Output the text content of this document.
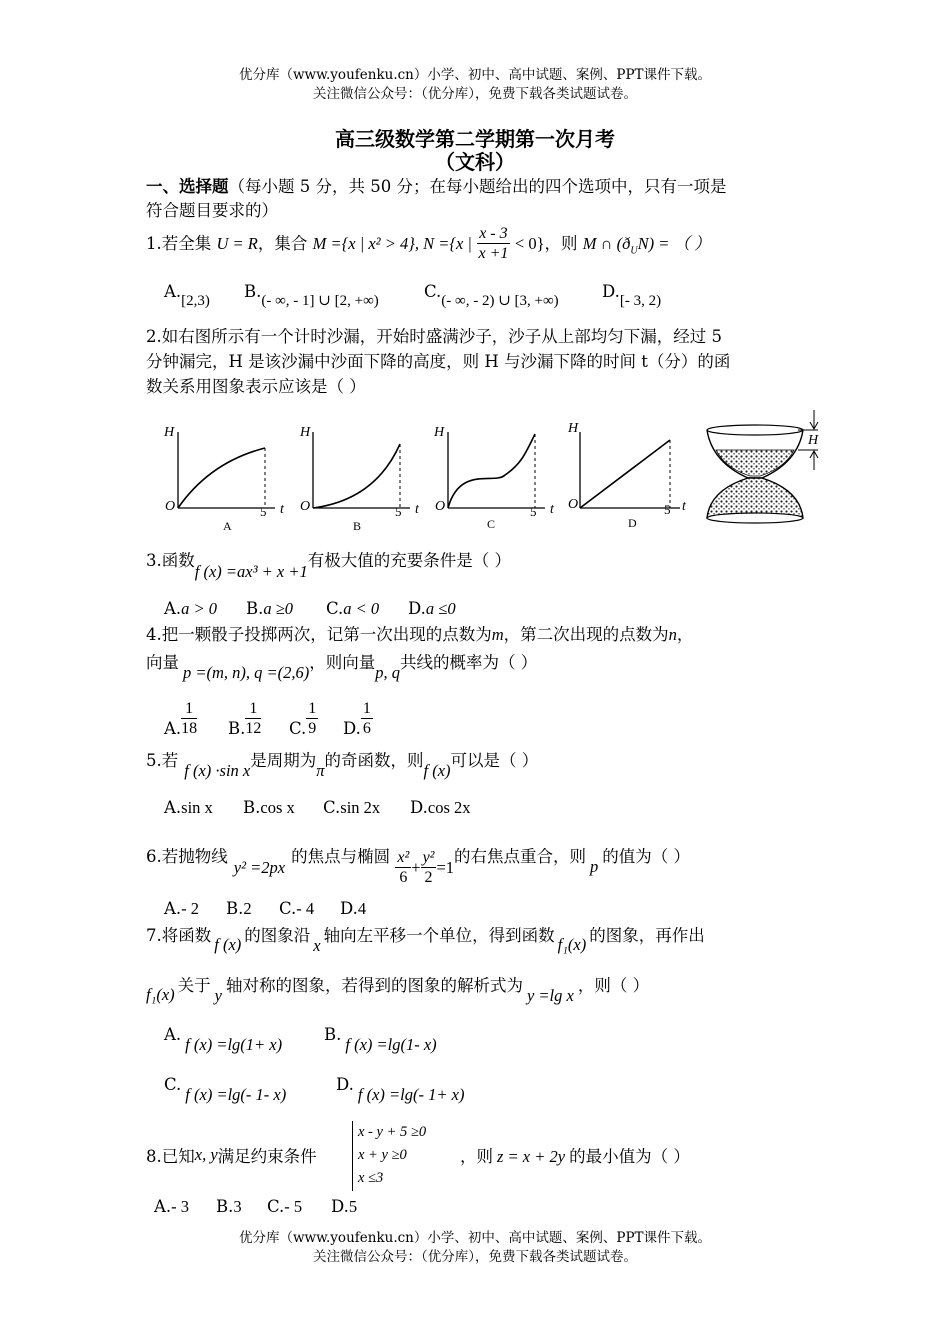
优分库（www.youfenku.cn）小学、初中、高中试题、案例、PPT课件下载。
关注微信公众号：（优分库），免费下载各类试题试卷。
高三级数学第二学期第一次月考
（文科）
一、选择题（每小题 5 分，共 50 分；在每小题给出的四个选项中，只有一项是
符合题目要求的）
1.若全集 U = R，集合 M ={x | x² > 4}, N ={x | $\frac{x - 3}{x +1} < 0$}，则 M ∩ $(ð_UN)$ = （ ）
A.[2,3) B.(- ∞, - 1] ∪ [2, +∞)	C.(- ∞, - 2) ∪ [3, +∞)	D.[- 3, 2)
2.如右图所示有一个计时沙漏，开始时盛满沙子，沙子从上部均匀下漏，经过 5
分钟漏完，H 是该沙漏中沙面下降的高度，则 H 与沙漏下降的时间 t（分）的函
数关系用图象表示应该是（ ）
H
O	5 t
A
H
O	5 t
B
H
O	5 t
C
H
O	5 t
D
H
3.函数f (x) =ax³ + x +1有极大值的充要条件是（ ）
A.a > 0 B.a ≥0 C.a < 0 D.a ≤0
4.把一颗骰子投掷两次，记第一次出现的点数为m，第二次出现的点数为n，
向量p =(m, n), q =(2,6)，则向量p, q共线的概率为（ ）
A. $\frac{1}{18} B$. $\frac{1}{12} C$. $\frac{1}{9} D$. $\frac{1}{6}$
5.若f (x) ·sin x是周期为π的奇函数，则f (x)可以是（ ）
A.sin x B.cos x C.sin 2x D.cos 2x
6.若抛物线y² =2px的焦点与椭圆 $\frac{\text{x²}}{6} + \frac{\text{y²}}{2} =1$的右焦点重合，则p的值为（ ）
A.- 2 B.2 C.- 4 D.4
7.将函数 f (x) 的图象沿x轴向左平移一个单位，得到函数 f₁(x) 的图象，再作出
f₁(x) 关于y轴对称的图象，若得到的图象的解析式为y =lg x，则（ ）
A.f (x) =lg(1+ x)
B.f (x) =lg(1- x)
C.f (x) =lg(- 1- x)
D.f (x) =lg(- 1+ x)
8.已知x, y满足约束条件
x - y + 5 ≥0
x + y ≥0
x ≤3
，则 z = x + 2y 的最小值为（ ）
A.- 3 B.3 C.- 5 D.5
优分库（www.youfenku.cn）小学、初中、高中试题、案例、PPT课件下载。
关注微信公众号：（优分库），免费下载各类试题试卷。
